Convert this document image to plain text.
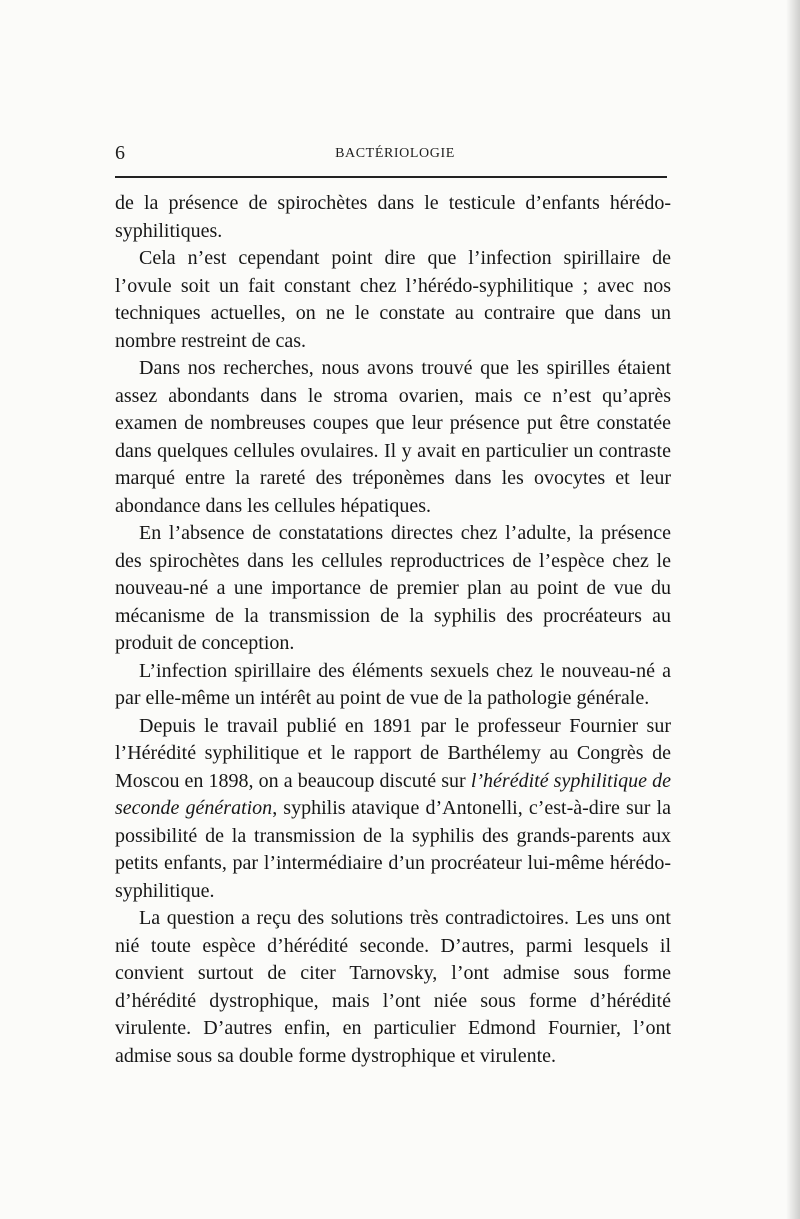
6	BACTÉRIOLOGIE

de la présence de spirochètes dans le testicule d’enfants hérédo-syphilitiques.

Cela n’est cependant point dire que l’infection spirillaire de l’ovule soit un fait constant chez l’hérédo-syphilitique ; avec nos techniques actuelles, on ne le constate au contraire que dans un nombre restreint de cas.

Dans nos recherches, nous avons trouvé que les spirilles étaient assez abondants dans le stroma ovarien, mais ce n’est qu’après examen de nombreuses coupes que leur présence put être constatée dans quelques cellules ovulaires. Il y avait en particulier un contraste marqué entre la rareté des tréponèmes dans les ovocytes et leur abondance dans les cellules hépatiques.

En l’absence de constatations directes chez l’adulte, la présence des spirochètes dans les cellules reproductrices de l’espèce chez le nouveau-né a une importance de premier plan au point de vue du mécanisme de la transmission de la syphilis des procréateurs au produit de conception.

L’infection spirillaire des éléments sexuels chez le nouveau-né a par elle-même un intérêt au point de vue de la pathologie générale.

Depuis le travail publié en 1891 par le professeur Fournier sur l’Hérédité syphilitique et le rapport de Barthélemy au Congrès de Moscou en 1898, on a beaucoup discuté sur l’hérédité syphilitique de seconde génération, syphilis atavique d’Antonelli, c’est-à-dire sur la possibilité de la transmission de la syphilis des grands-parents aux petits enfants, par l’intermédiaire d’un procréateur lui-même hérédo-syphilitique.

La question a reçu des solutions très contradictoires. Les uns ont nié toute espèce d’hérédité seconde. D’autres, parmi lesquels il convient surtout de citer Tarnovsky, l’ont admise sous forme d’hérédité dystrophique, mais l’ont niée sous forme d’hérédité virulente. D’autres enfin, en particulier Edmond Fournier, l’ont admise sous sa double forme dystrophique et virulente.
